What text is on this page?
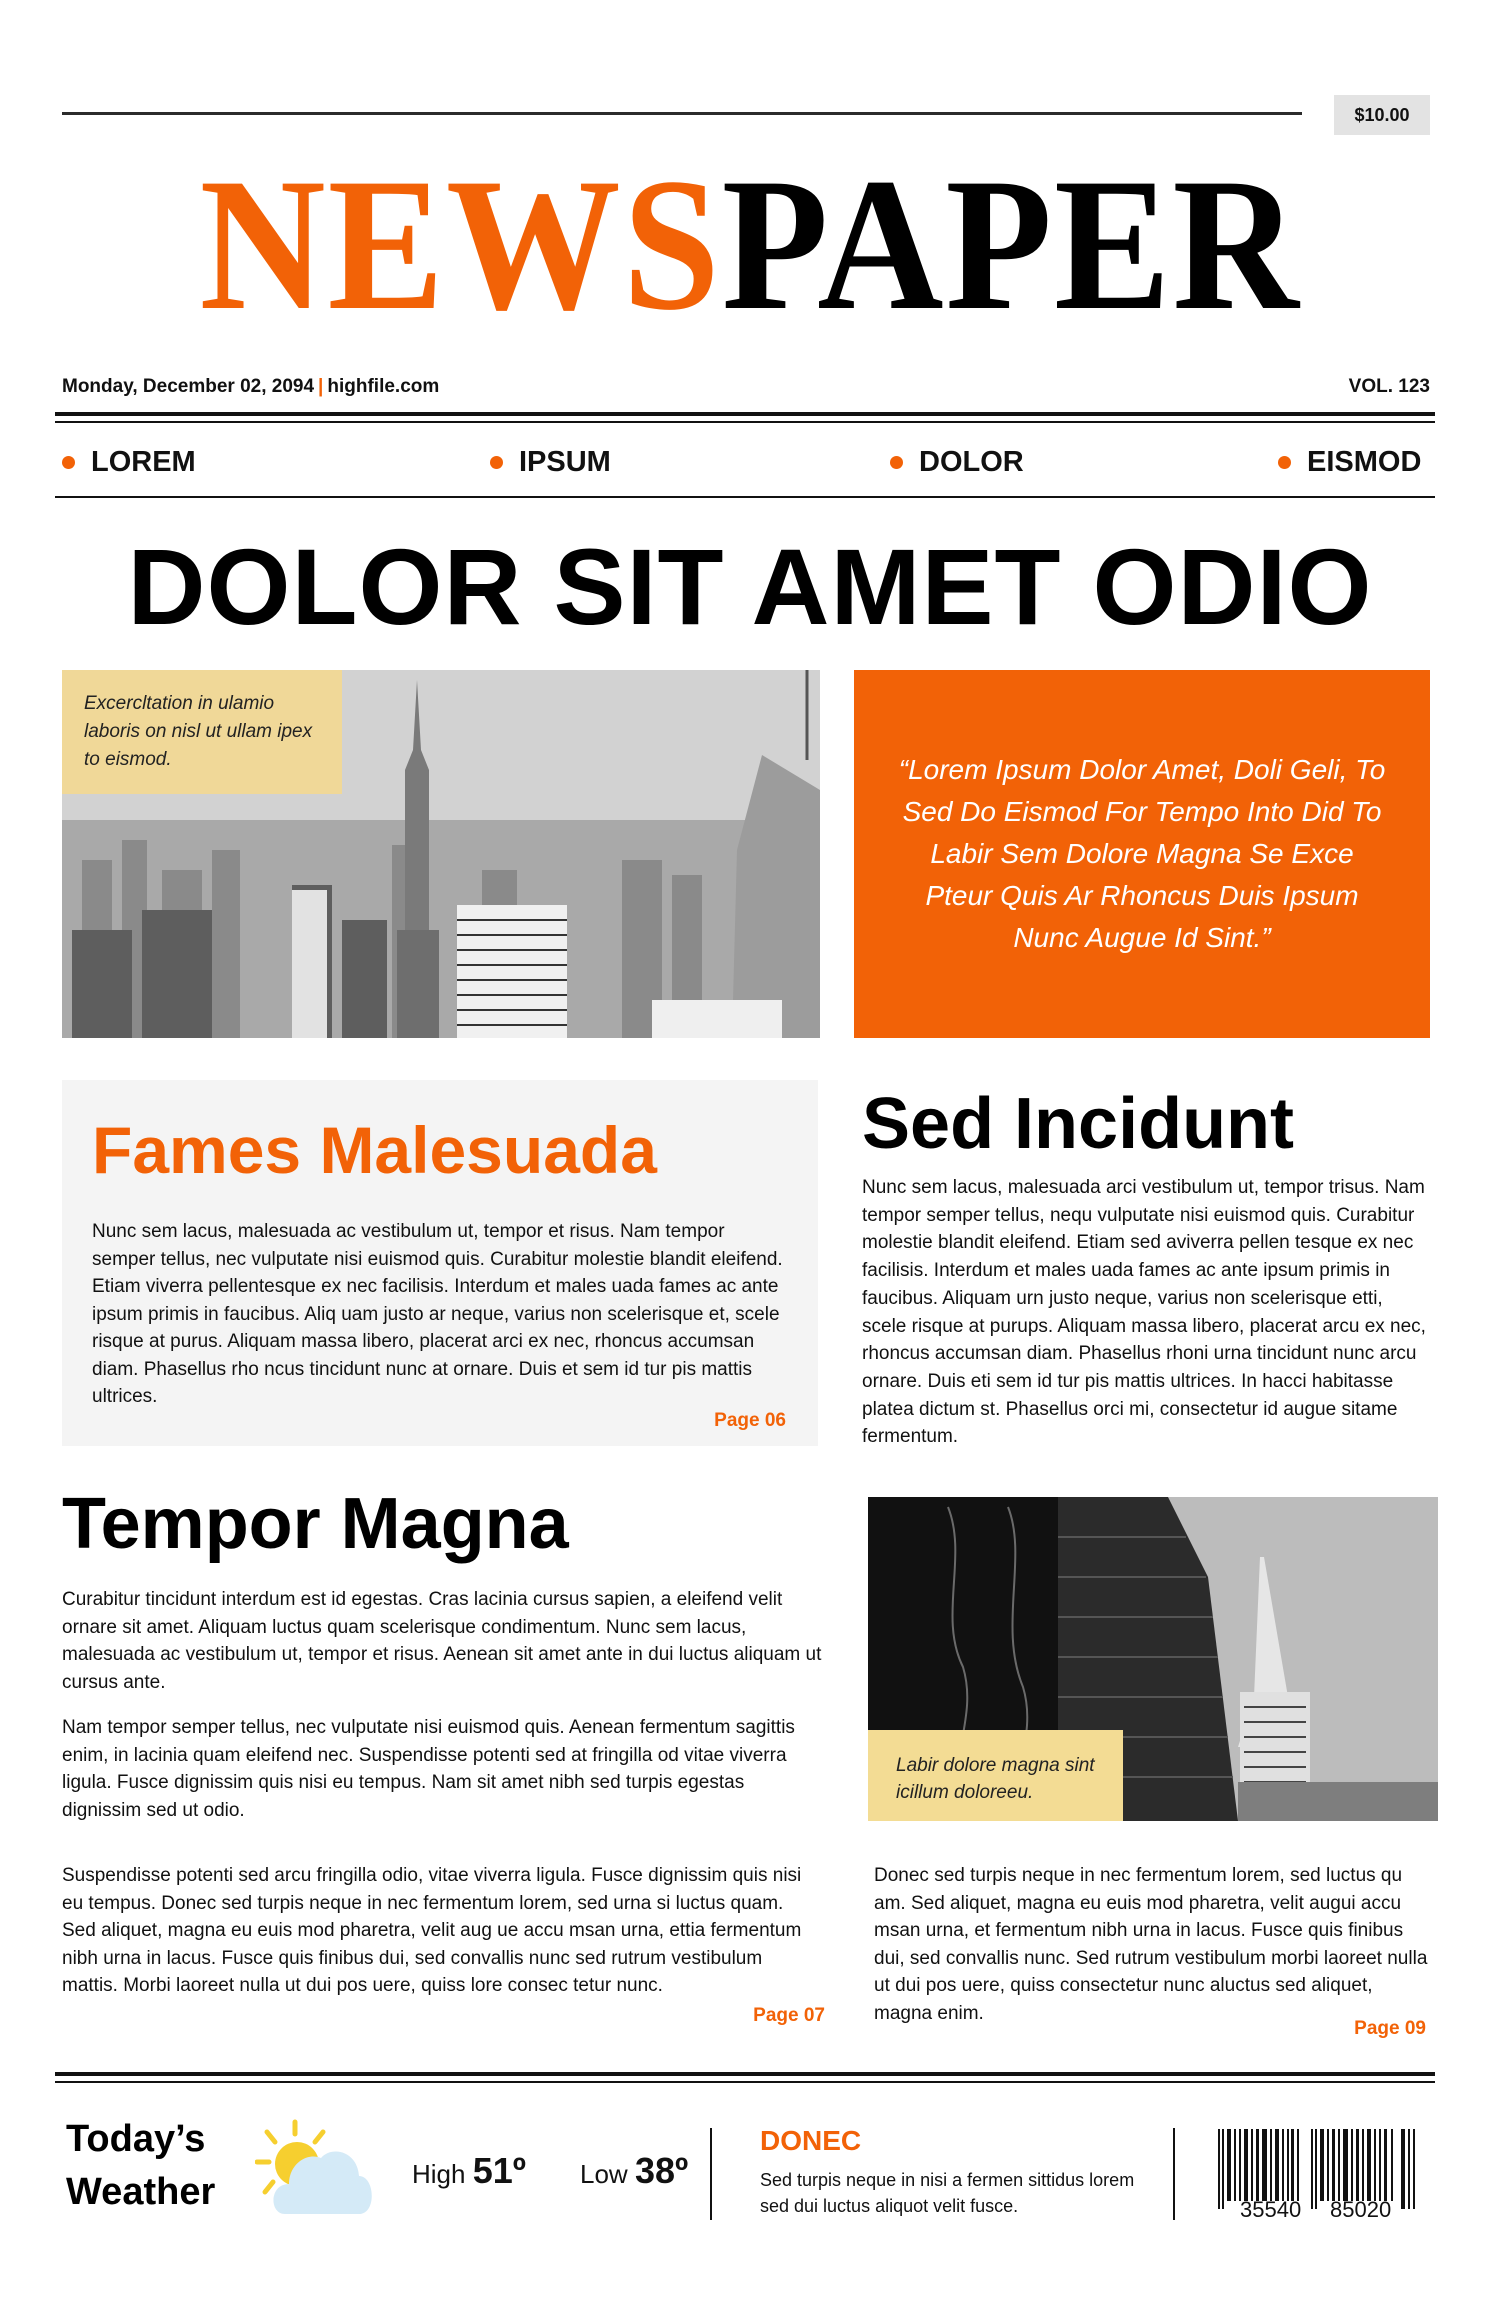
$10.00
NEWSPAPER
Monday, December 02, 2094 | highfile.com	VOL. 123
LOREM	IPSUM	DOLOR	EISMOD
DOLOR SIT AMET ODIO
Excercltation in ulamio laboris on nisl ut ullam ipex to eismod.	“Lorem Ipsum Dolor Amet, Doli Geli, To Sed Do Eismod For Tempo Into Did To Labir Sem Dolore Magna Se Exce Pteur Quis Ar Rhoncus Duis Ipsum Nunc Augue Id Sint.”
Fames Malesuada

Nunc sem lacus, malesuada ac vestibulum ut, tempor et risus. Nam tempor semper tellus, nec vulputate nisi euismod quis. Curabitur molestie blandit eleifend. Etiam viverra pellentesque ex nec facilisis. Interdum et males uada fames ac ante ipsum primis in faucibus. Aliq uam justo ar neque, varius non scelerisque et, scele risque at purus. Aliquam massa libero, placerat arci ex nec, rhoncus accumsan diam. Phasellus rho ncus tincidunt nunc at ornare. Duis et sem id tur pis mattis ultrices.

Page 06
Sed Incidunt

Nunc sem lacus, malesuada arci vestibulum ut, tempor trisus. Nam tempor semper tellus, nequ vulputate nisi euismod quis. Curabitur molestie blandit eleifend. Etiam sed aviverra pellen tesque ex nec facilisis. Interdum et males uada fames ac ante ipsum primis in faucibus. Aliquam urn justo neque, varius non scelerisque etti, scele risque at purups. Aliquam massa libero, placerat arcu ex nec, rhoncus accumsan diam. Phasellus rhoni urna tincidunt nunc arcu ornare. Duis eti sem id tur pis mattis ultrices. In hacci habitasse platea dictum st. Phasellus orci mi, consectetur id augue sitame fermentum.

Tempor Magna

Curabitur tincidunt interdum est id egestas. Cras lacinia cursus sapien, a eleifend velit ornare sit amet. Aliquam luctus quam scelerisque condimentum. Nunc sem lacus, malesuada ac vestibulum ut, tempor et risus. Aenean sit amet ante in dui luctus aliquam ut cursus ante.

Nam tempor semper tellus, nec vulputate nisi euismod quis. Aenean fermentum sagittis enim, in lacinia quam eleifend nec. Suspendisse potenti sed at fringilla od vitae viverra ligula. Fusce dignissim quis nisi eu tempus. Nam sit amet nibh sed turpis egestas dignissim sed ut odio.

Suspendisse potenti sed arcu fringilla odio, vitae viverra ligula. Fusce dignissim quis nisi eu tempus. Donec sed turpis neque in nec fermentum lorem, sed urna si luctus quam. Sed aliquet, magna eu euis mod pharetra, velit aug ue accu msan urna, ettia fermentum nibh urna in lacus. Fusce quis finibus dui, sed convallis nunc sed rutrum vestibulum mattis. Morbi laoreet nulla ut dui pos uere, quiss lore consec tetur nunc.

Page 07
Labir dolore magna sint icillum doloreeu.

Donec sed turpis neque in nec fermentum lorem, sed luctus qu am. Sed aliquet, magna eu euis mod pharetra, velit augui accu msan urna, et fermentum nibh urna in lacus. Fusce quis finibus dui, sed convallis nunc. Sed rutrum vestibulum morbi laoreet nulla ut dui pos uere, quiss consectetur nunc aluctus sed aliquet, magna enim.

Page 09
Today’s
Weather	High 51º Low 38º
DONEC
Sed turpis neque in nisi a fermen sittidus lorem sed dui luctus aliquot velit fusce.	35540 85020
